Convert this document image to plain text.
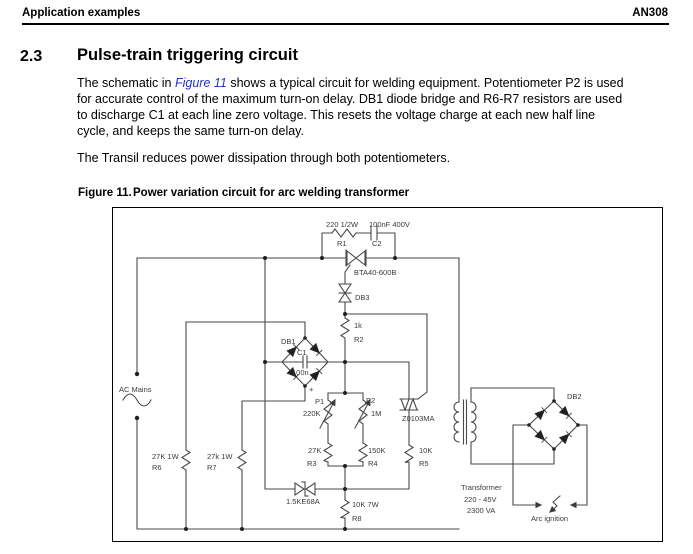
Application examples	AN308
2.3 Pulse-train triggering circuit
The schematic in Figure 11 shows a typical circuit for welding equipment. Potentiometer P2 is used for accurate control of the maximum turn-on delay. DB1 diode bridge and R6-R7 resistors are used to discharge C1 at each line zero voltage. This resets the voltage charge at each new half line cycle, and keeps the same turn-on delay.
The Transil reduces power dissipation through both potentiometers.
Figure 11. Power variation circuit for arc welding transformer
220 1/2W 100nF 400V
R1	C2
BTA40-600B
DB3
1k
R2
DB1
C1
100n
+
AC Mains
P1
220K
P2
1M
Z0103MA
27K
R3
150K
R4
10K
R5
27K 1W
R6
27k 1W
R7
1.5KE68A	10K 7W
R8
Transformer
220 - 45V
2300 VA
DB2
Arc ignition
